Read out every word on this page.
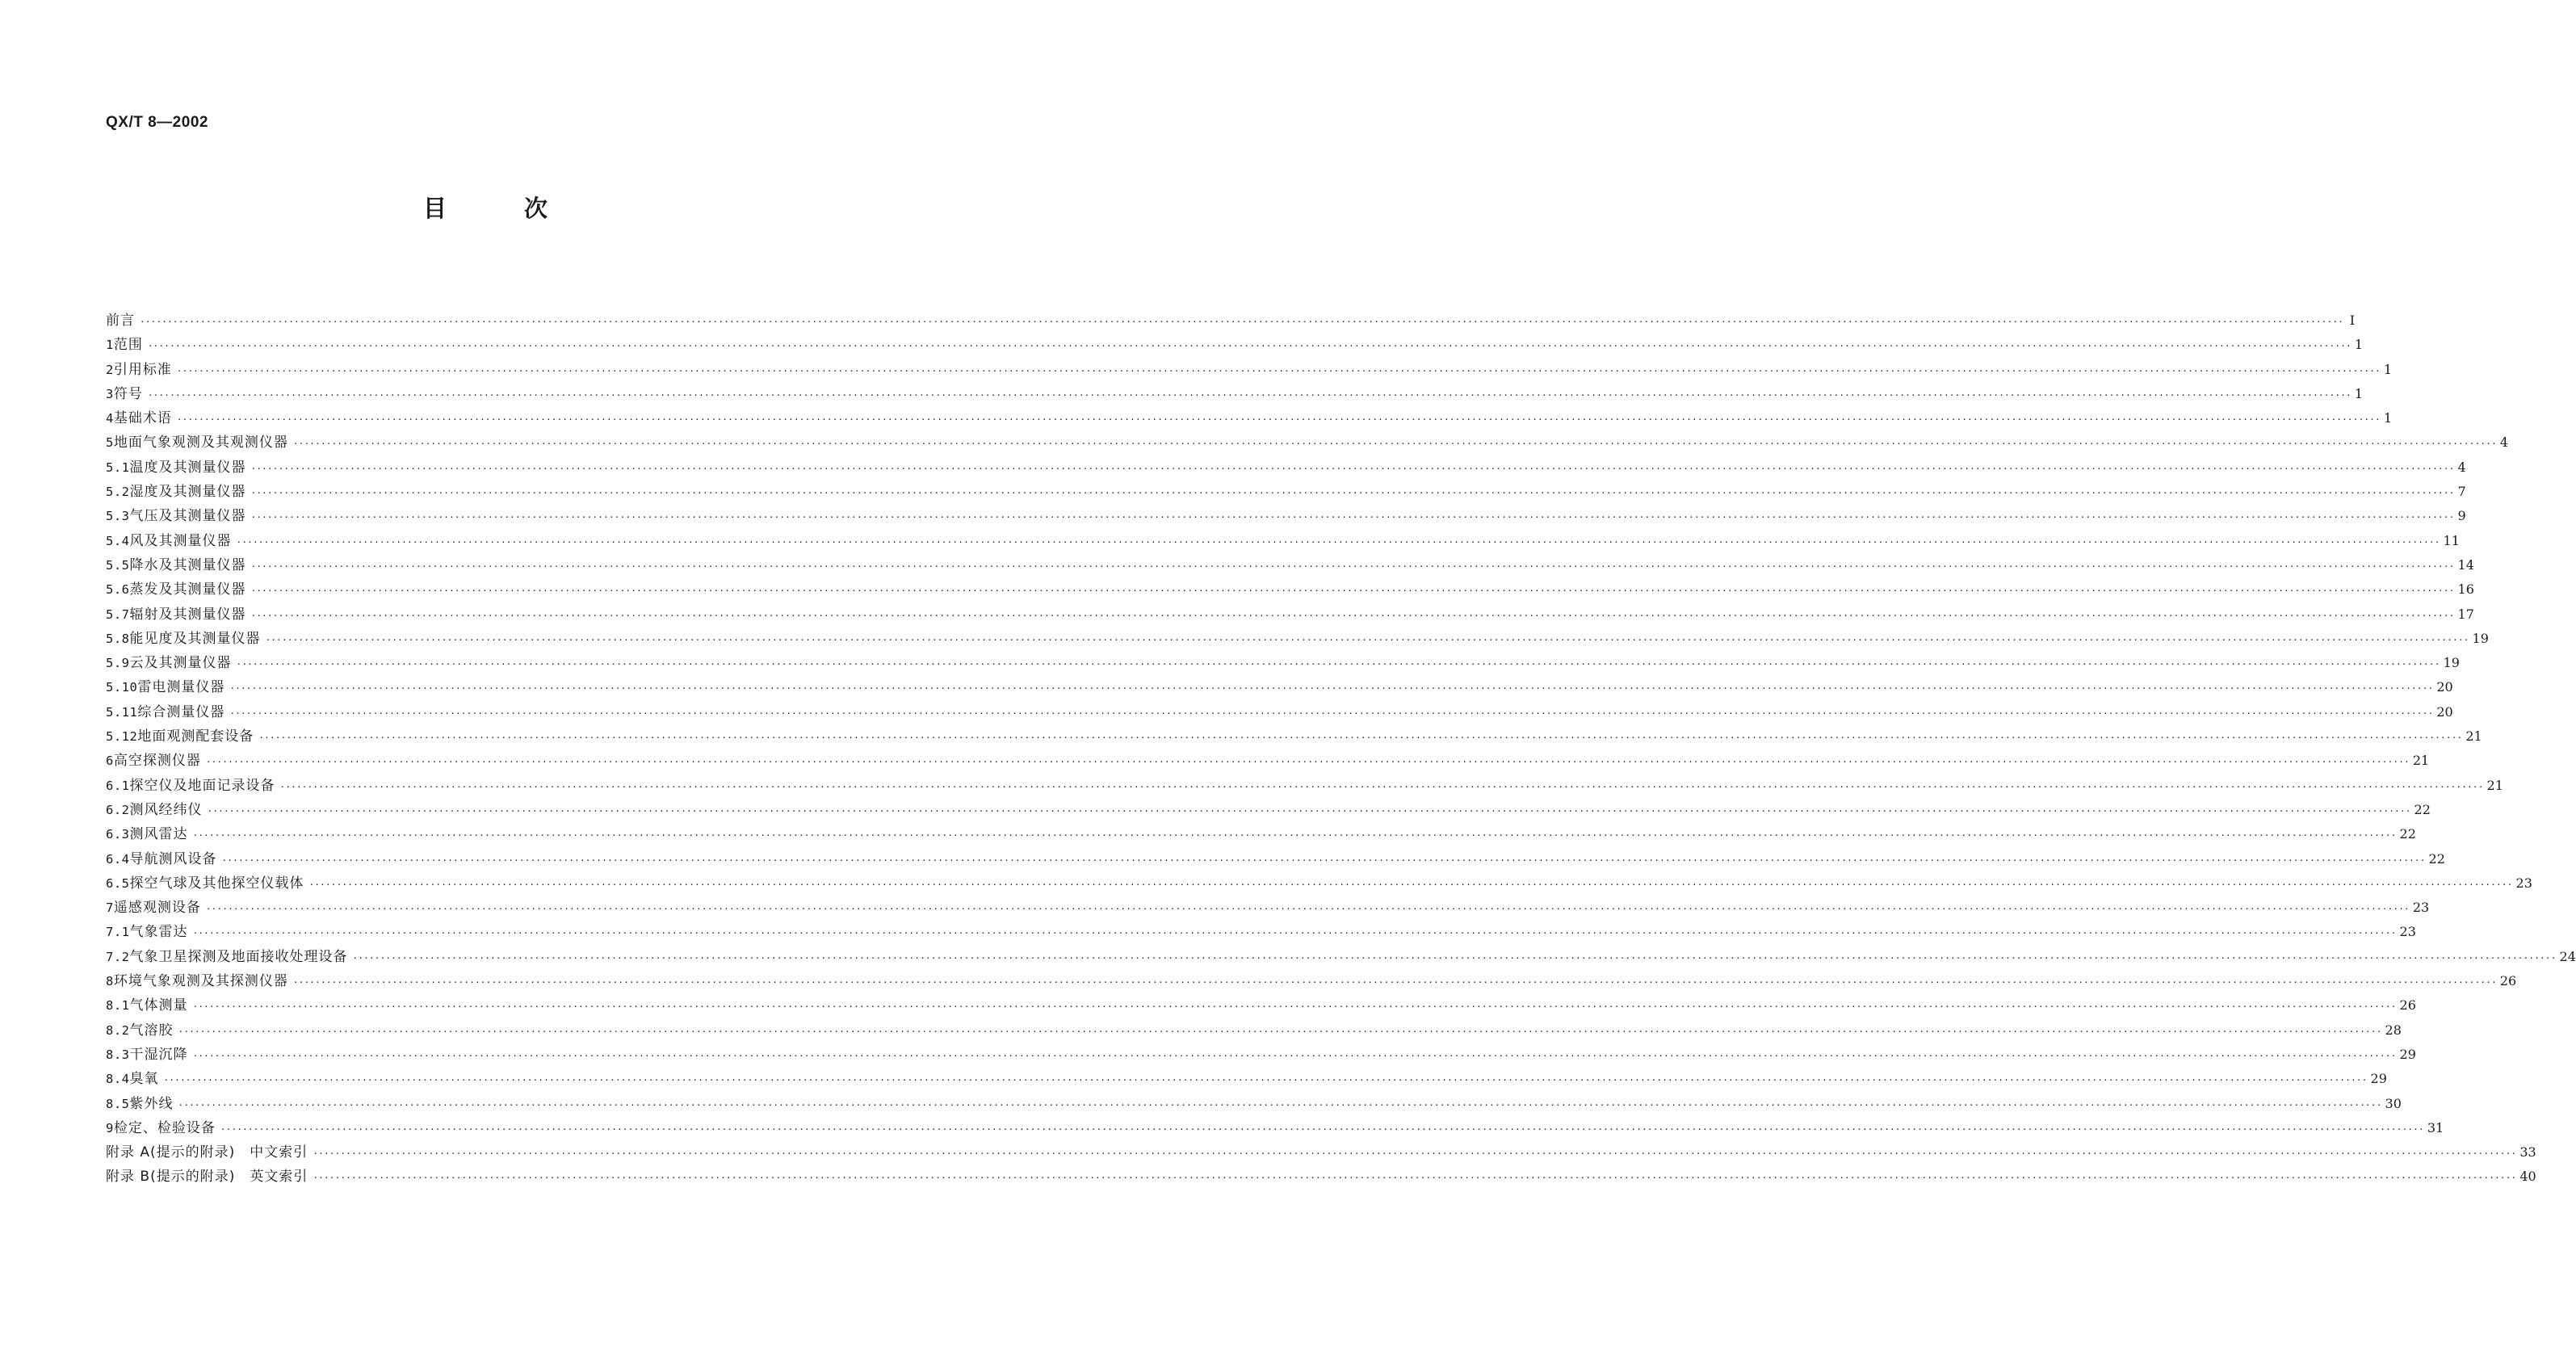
QX/T 8—2002
目	次
前言 ················································································································································································································································································································································································································ I
1 范围 ················································································································································································································································································································································································································ 1
2 引用标准 ················································································································································································································································································································································································································ 1
3 符号 ················································································································································································································································································································································································································ 1
4 基础术语 ················································································································································································································································································································································································································ 1
5 地面气象观测及其观测仪器 ················································································································································································································································································································································································································ 4
5.1 温度及其测量仪器 ················································································································································································································································································································································································································ 4
5.2 湿度及其测量仪器 ················································································································································································································································································································································································································ 7
5.3 气压及其测量仪器 ················································································································································································································································································································································································································ 9
5.4 风及其测量仪器 ················································································································································································································································································································································································································ 11
5.5 降水及其测量仪器 ················································································································································································································································································································································································································ 14
5.6 蒸发及其测量仪器 ················································································································································································································································································································································································································ 16
5.7 辐射及其测量仪器 ················································································································································································································································································································································································································ 17
5.8 能见度及其测量仪器 ················································································································································································································································································································································································································ 19
5.9 云及其测量仪器 ················································································································································································································································································································································································································ 19
5.10 雷电测量仪器 ················································································································································································································································································································································································································ 20
5.11 综合测量仪器 ················································································································································································································································································································································································································ 20
5.12 地面观测配套设备 ················································································································································································································································································································································································································ 21
6 高空探测仪器 ················································································································································································································································································································································································································ 21
6.1 探空仪及地面记录设备 ················································································································································································································································································································································································································ 21
6.2 测风经纬仪 ················································································································································································································································································································································································································ 22
6.3 测风雷达 ················································································································································································································································································································································································································ 22
6.4 导航测风设备 ················································································································································································································································································································································································································ 22
6.5 探空气球及其他探空仪载体 ················································································································································································································································································································································································································ 23
7 遥感观测设备 ················································································································································································································································································································································································································ 23
7.1 气象雷达 ················································································································································································································································································································································································································ 23
7.2 气象卫星探测及地面接收处理设备 ················································································································································································································································································································································································································ 24
8 环境气象观测及其探测仪器 ················································································································································································································································································································································································································ 26
8.1 气体测量 ················································································································································································································································································································································································································ 26
8.2 气溶胶 ················································································································································································································································································································································································································ 28
8.3 干湿沉降 ················································································································································································································································································································································································································ 29
8.4 臭氧 ················································································································································································································································································································································································································ 29
8.5 紫外线 ················································································································································································································································································································································································································ 30
9 检定、检验设备 ················································································································································································································································································································································································································ 31
附录 A(提示的附录)　中文索引 ················································································································································································································································································································································································································ 33
附录 B(提示的附录)　英文索引 ················································································································································································································································································································································································································ 40
